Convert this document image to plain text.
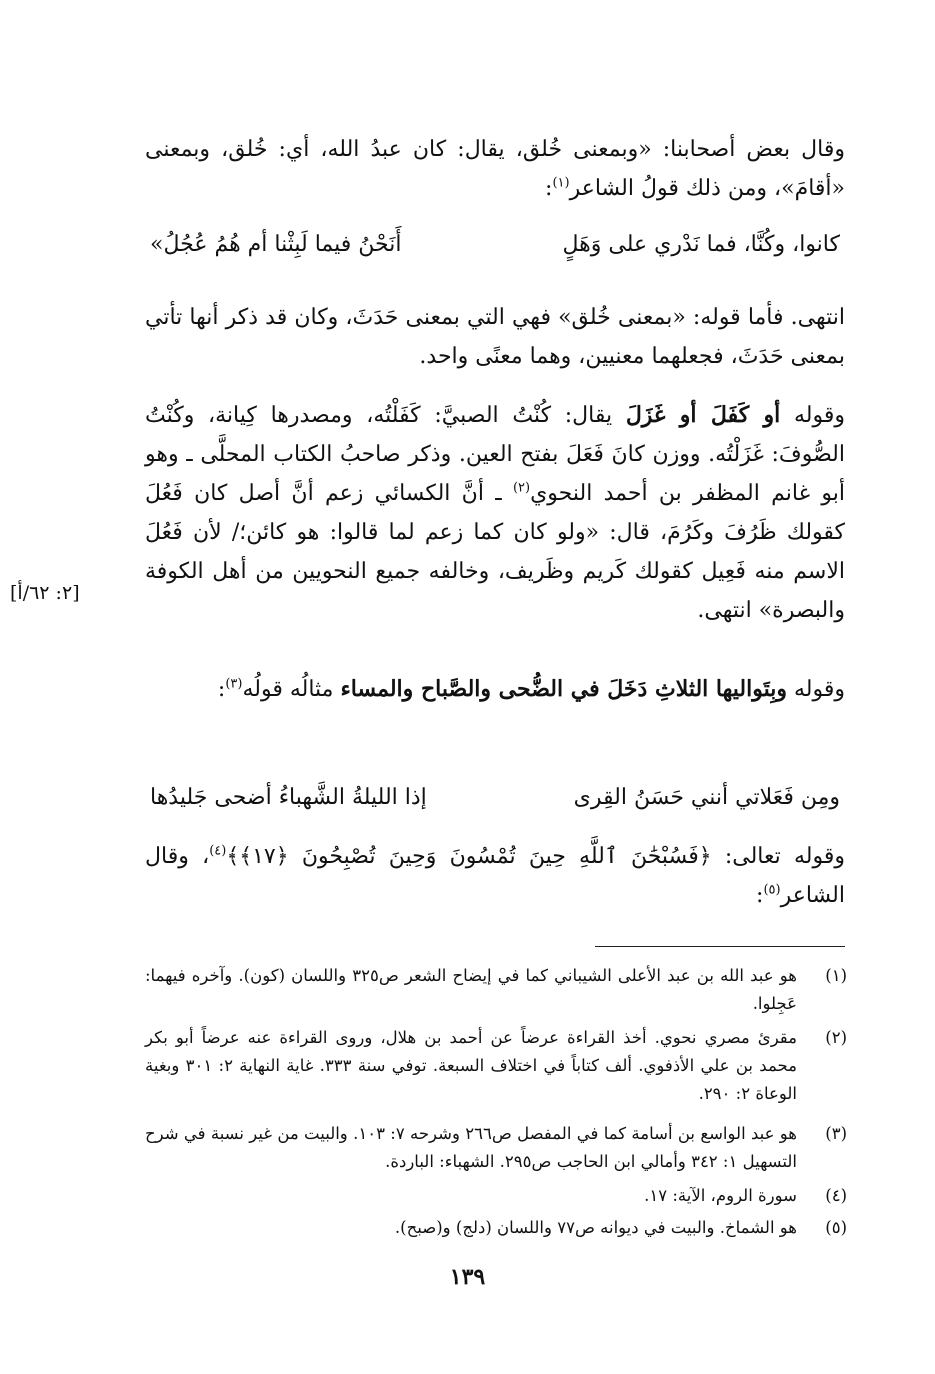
وقال بعض أصحابنا: «وبمعنى خُلق، يقال: كان عبدُ الله، أي: خُلق، وبمعنى «أقامَ»، ومن ذلك قولُ الشاعر$^{(١)}$:

كانوا، وكُنَّا، فما نَدْري على وَهَلٍ
أَنَحْنُ فيما لَبِثْنا أم هُمُ عُجُلُ»

انتهى. فأما قوله: «بمعنى خُلق» فهي التي بمعنى حَدَثَ، وكان قد ذكر أنها تأتي بمعنى حَدَثَ، فجعلهما معنيين، وهما معنًى واحد.

وقوله أو كَفَلَ أو غَزَلَ يقال: كُنْتُ الصبيَّ: كَفَلْتُه، ومصدرها كِيانة، وكُنْتُ الصُّوفَ: غَزَلْتُه. ووزن كانَ فَعَلَ بفتح العين. وذكر صاحبُ الكتاب المحلَّى ـ وهو أبو غانم المظفر بن أحمد النحوي$^{(٢)}$ ـ أنَّ الكسائي زعم أنَّ أصل كان فَعُلَ كقولك ظَرُفَ وكَرُمَ، قال: «ولو كان كما زعم لما قالوا: هو كائن؛/ لأن فَعُلَ الاسم منه فَعِيل كقولك كَريم وظَريف، وخالفه جميع النحويين من أهل الكوفة والبصرة» انتهى.

[٢: ٦٢/أ]

وقوله وبِتَواليها الثلاثِ دَخَلَ في الضُّحى والصَّباح والمساء مثالُه قولُه$^{(٣)}$:

ومِن فَعَلاتي أنني حَسَنُ القِرى
إذا الليلةُ الشَّهباءُ أضحى جَليدُها

وقوله تعالى: ﴿فَسُبْحَٰنَ ٱللَّهِ حِينَ تُمْسُونَ وَحِينَ تُصْبِحُونَ ﴿١٧﴾﴾$^{(٤)}$، وقال الشاعر$^{(٥)}$:

(١)
هو عبد الله بن عبد الأعلى الشيباني كما في إيضاح الشعر ص٣٢٥ واللسان (كون). وآخره فيهما: عَجِلوا.
(٢)
مقرئ مصري نحوي. أخذ القراءة عرضاً عن أحمد بن هلال، وروى القراءة عنه عرضاً أبو بكر محمد بن علي الأذفوي. ألف كتاباً في اختلاف السبعة. توفي سنة ٣٣٣. غاية النهاية ٢: ٣٠١ وبغية الوعاة ٢: ٢٩٠.
(٣)
هو عبد الواسع بن أسامة كما في المفصل ص٢٦٦ وشرحه ٧: ١٠٣. والبيت من غير نسبة في شرح التسهيل ١: ٣٤٢ وأمالي ابن الحاجب ص٢٩٥. الشهباء: الباردة.
(٤)
سورة الروم، الآية: ١٧.
(٥)
هو الشماخ. والبيت في ديوانه ص٧٧ واللسان (دلج) و(صبح).
١٣٩
